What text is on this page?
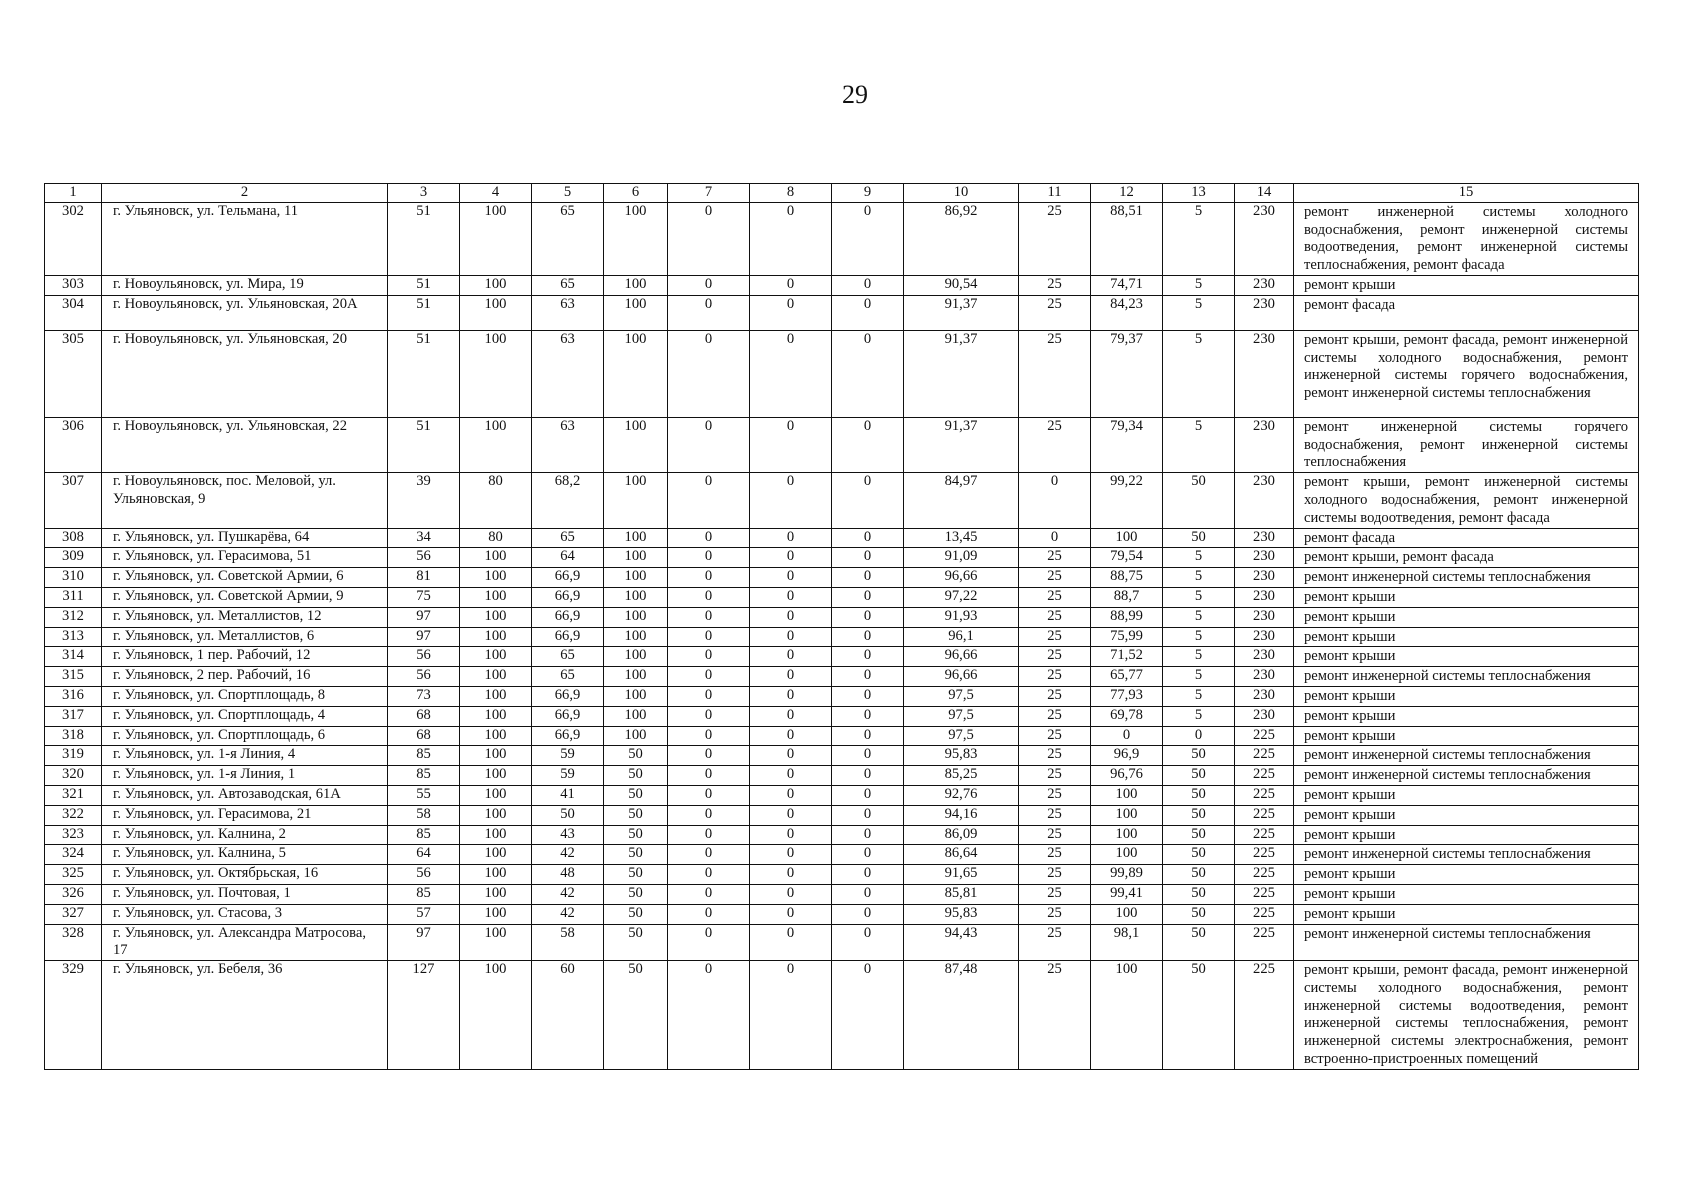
29
1	2	3	4	5	6	7	8	9	10	11	12	13	14	15
302	г. Ульяновск, ул. Тельмана, 11	51	100	65	100	0	0	0	86,92	25	88,51	5	230	ремонт инженерной системы холодного водоснабжения, ремонт инженерной системы водоотведения, ремонт инженерной системы теплоснабжения, ремонт фасада
303	г. Новоульяновск, ул. Мира, 19	51	100	65	100	0	0	0	90,54	25	74,71	5	230	ремонт крыши
304	г. Новоульяновск, ул. Ульяновская, 20А	51	100	63	100	0	0	0	91,37	25	84,23	5	230	ремонт фасада
305	г. Новоульяновск, ул. Ульяновская, 20	51	100	63	100	0	0	0	91,37	25	79,37	5	230	ремонт крыши, ремонт фасада, ремонт инженерной системы холодного водоснабжения, ремонт инженерной системы горячего водоснабжения, ремонт инженерной системы теплоснабжения
306	г. Новоульяновск, ул. Ульяновская, 22	51	100	63	100	0	0	0	91,37	25	79,34	5	230	ремонт инженерной системы горячего водоснабжения, ремонт инженерной системы теплоснабжения
307	г. Новоульяновск, пос. Меловой, ул. Ульяновская, 9	39	80	68,2	100	0	0	0	84,97	0	99,22	50	230	ремонт крыши, ремонт инженерной системы холодного водоснабжения, ремонт инженерной системы водоотведения, ремонт фасада
308	г. Ульяновск, ул. Пушкарёва, 64	34	80	65	100	0	0	0	13,45	0	100	50	230	ремонт фасада
309	г. Ульяновск, ул. Герасимова, 51	56	100	64	100	0	0	0	91,09	25	79,54	5	230	ремонт крыши, ремонт фасада
310	г. Ульяновск, ул. Советской Армии, 6	81	100	66,9	100	0	0	0	96,66	25	88,75	5	230	ремонт инженерной системы теплоснабжения
311	г. Ульяновск, ул. Советской Армии, 9	75	100	66,9	100	0	0	0	97,22	25	88,7	5	230	ремонт крыши
312	г. Ульяновск, ул. Металлистов, 12	97	100	66,9	100	0	0	0	91,93	25	88,99	5	230	ремонт крыши
313	г. Ульяновск, ул. Металлистов, 6	97	100	66,9	100	0	0	0	96,1	25	75,99	5	230	ремонт крыши
314	г. Ульяновск, 1 пер. Рабочий, 12	56	100	65	100	0	0	0	96,66	25	71,52	5	230	ремонт крыши
315	г. Ульяновск, 2 пер. Рабочий, 16	56	100	65	100	0	0	0	96,66	25	65,77	5	230	ремонт инженерной системы теплоснабжения
316	г. Ульяновск, ул. Спортплощадь, 8	73	100	66,9	100	0	0	0	97,5	25	77,93	5	230	ремонт крыши
317	г. Ульяновск, ул. Спортплощадь, 4	68	100	66,9	100	0	0	0	97,5	25	69,78	5	230	ремонт крыши
318	г. Ульяновск, ул. Спортплощадь, 6	68	100	66,9	100	0	0	0	97,5	25	0	0	225	ремонт крыши
319	г. Ульяновск, ул. 1-я Линия, 4	85	100	59	50	0	0	0	95,83	25	96,9	50	225	ремонт инженерной системы теплоснабжения
320	г. Ульяновск, ул. 1-я Линия, 1	85	100	59	50	0	0	0	85,25	25	96,76	50	225	ремонт инженерной системы теплоснабжения
321	г. Ульяновск, ул. Автозаводская, 61А	55	100	41	50	0	0	0	92,76	25	100	50	225	ремонт крыши
322	г. Ульяновск, ул. Герасимова, 21	58	100	50	50	0	0	0	94,16	25	100	50	225	ремонт крыши
323	г. Ульяновск, ул. Калнина, 2	85	100	43	50	0	0	0	86,09	25	100	50	225	ремонт крыши
324	г. Ульяновск, ул. Калнина, 5	64	100	42	50	0	0	0	86,64	25	100	50	225	ремонт инженерной системы теплоснабжения
325	г. Ульяновск, ул. Октябрьская, 16	56	100	48	50	0	0	0	91,65	25	99,89	50	225	ремонт крыши
326	г. Ульяновск, ул. Почтовая, 1	85	100	42	50	0	0	0	85,81	25	99,41	50	225	ремонт крыши
327	г. Ульяновск, ул. Стасова, 3	57	100	42	50	0	0	0	95,83	25	100	50	225	ремонт крыши
328	г. Ульяновск, ул. Александра Матросова, 17	97	100	58	50	0	0	0	94,43	25	98,1	50	225	ремонт инженерной системы теплоснабжения
329	г. Ульяновск, ул. Бебеля, 36	127	100	60	50	0	0	0	87,48	25	100	50	225	ремонт крыши, ремонт фасада, ремонт инженерной системы холодного водоснабжения, ремонт инженерной системы водоотведения, ремонт инженерной системы теплоснабжения, ремонт инженерной системы электроснабжения, ремонт встроенно-пристроенных помещений
